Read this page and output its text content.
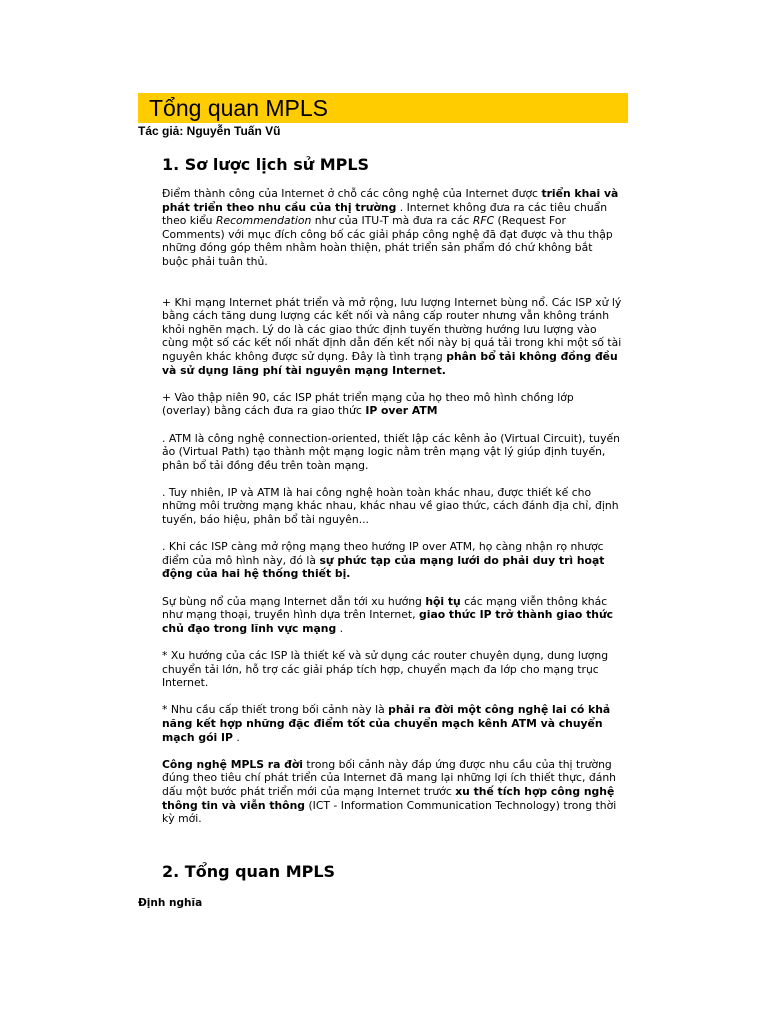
Tổng quan MPLS

Tác giả: Nguyễn Tuấn Vũ

1. Sơ lược lịch sử MPLS

Điểm thành công của Internet ở chỗ các công nghệ của Internet được triển khai và phát triển theo nhu cầu của thị trường . Internet không đưa ra các tiêu chuẩn theo kiểu Recommendation như của ITU-T mà đưa ra các RFC (Request For Comments) với mục đích công bố các giải pháp công nghệ đã đạt được và thu thập những đóng góp thêm nhằm hoàn thiện, phát triển sản phẩm đó chứ không bắt buộc phải tuân thủ.

+ Khi mạng Internet phát triển và mở rộng, lưu lượng Internet bùng nổ. Các ISP xử lý bằng cách tăng dung lượng các kết nối và nâng cấp router nhưng vẫn không tránh khỏi nghẽn mạch. Lý do là các giao thức định tuyến thường hướng lưu lượng vào cùng một số các kết nối nhất định dẫn đến kết nối này bị quá tải trong khi một số tài nguyên khác không được sử dụng. Đây là tình trạng phân bổ tải không đồng đều và sử dụng lãng phí tài nguyên mạng Internet.

+ Vào thập niên 90, các ISP phát triển mạng của họ theo mô hình chồng lớp (overlay) bằng cách đưa ra giao thức IP over ATM

. ATM là công nghệ connection-oriented, thiết lập các kênh ảo (Virtual Circuit), tuyến ảo (Virtual Path) tạo thành một mạng logic nằm trên mạng vật lý giúp định tuyến, phân bổ tải đồng đều trên toàn mạng.

. Tuy nhiên, IP và ATM là hai công nghệ hoàn toàn khác nhau, được thiết kế cho những môi trường mạng khác nhau, khác nhau về giao thức, cách đánh địa chỉ, định tuyến, báo hiệu, phân bổ tài nguyên...

. Khi các ISP càng mở rộng mạng theo hướng IP over ATM, họ càng nhận rọ nhược điểm của mô hình này, đó là sự phức tạp của mạng lưới do phải duy trì hoạt động của hai hệ thống thiết bị.

Sự bùng nổ của mạng Internet dẫn tới xu hướng hội tụ các mạng viễn thông khác như mạng thoại, truyền hình dựa trên Internet, giao thức IP trở thành giao thức chủ đạo trong lĩnh vực mạng .

* Xu hướng của các ISP là thiết kế và sử dụng các router chuyên dụng, dung lượng chuyển tải lớn, hỗ trợ các giải pháp tích hợp, chuyển mạch đa lớp cho mạng trục Internet.

* Nhu cầu cấp thiết trong bối cảnh này là phải ra đời một công nghệ lai có khả năng kết hợp những đặc điểm tốt của chuyển mạch kênh ATM và chuyển mạch gói IP .

Công nghệ MPLS ra đời trong bối cảnh này đáp ứng được nhu cầu của thị trường đúng theo tiêu chí phát triển của Internet đã mang lại những lợi ích thiết thực, đánh dấu một bước phát triển mới của mạng Internet trước xu thế tích hợp công nghệ thông tin và viễn thông (ICT - Information Communication Technology) trong thời kỳ mới.

2. Tổng quan MPLS

Định nghĩa
